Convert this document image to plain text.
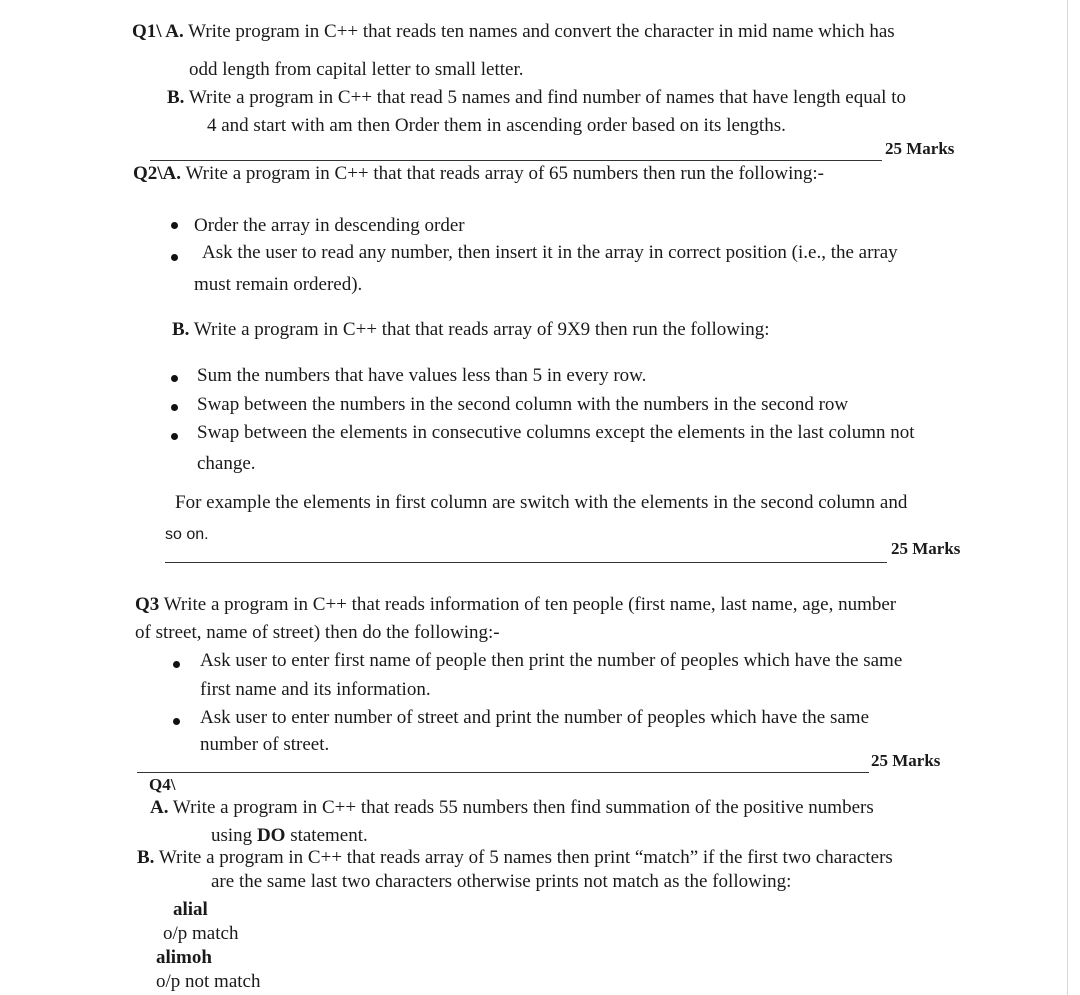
Q1\ A. Write program in C++ that reads ten names and convert the character in mid name which has
odd length from capital letter to small letter.
B. Write a program in C++ that read 5 names and find number of names that have length equal to
4 and start with am then Order them in ascending order based on its lengths.
25 Marks
Q2\A. Write a program in C++ that that reads array of 65 numbers then run the following:-
Order the array in descending order
Ask the user to read any number, then insert it in the array in correct position (i.e., the array
must remain ordered).
B. Write a program in C++ that that reads array of 9X9 then run the following:
Sum the numbers that have values less than 5 in every row.
Swap between the numbers in the second column with the numbers in the second row
Swap between the elements in consecutive columns except the elements in the last column not
change.
For example the elements in first column are switch with the elements in the second column and
so on.
25 Marks
Q3 Write a program in C++ that reads information of ten people (first name, last name, age, number
of street, name of street) then do the following:-
Ask user to enter first name of people then print the number of peoples which have the same
first name and its information.
Ask user to enter number of street and print the number of peoples which have the same
number of street.
25 Marks
Q4\
A. Write a program in C++ that reads 55 numbers then find summation of the positive numbers
using DO statement.
B. Write a program in C++ that reads array of 5 names then print “match” if the first two characters
are the same last two characters otherwise prints not match as the following:
alial
o/p match
alimoh
o/p not match
